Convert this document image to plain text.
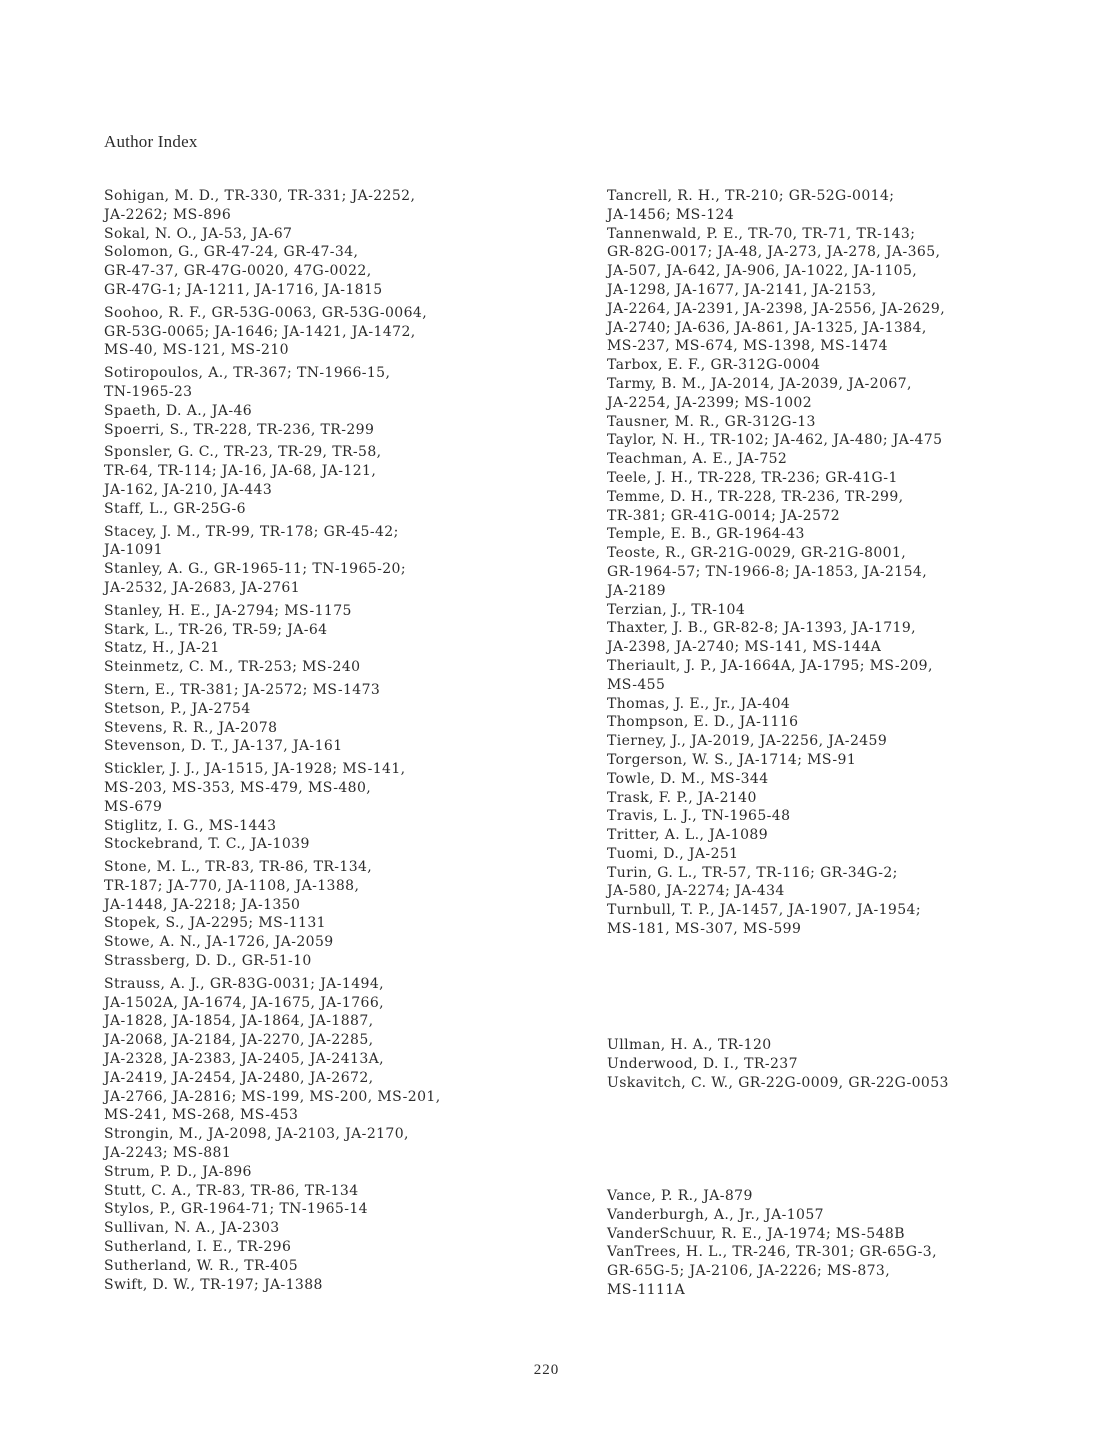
Author Index
Sohigan, M. D., TR-330, TR-331; JA-2252,
JA-2262; MS-896
Sokal, N. O., JA-53, JA-67
Solomon, G., GR-47-24, GR-47-34,
GR-47-37, GR-47G-0020, 47G-0022,
GR-47G-1; JA-1211, JA-1716, JA-1815
Soohoo, R. F., GR-53G-0063, GR-53G-0064,
GR-53G-0065; JA-1646; JA-1421, JA-1472,
MS-40, MS-121, MS-210
Sotiropoulos, A., TR-367; TN-1966-15,
TN-1965-23
Spaeth, D. A., JA-46
Spoerri, S., TR-228, TR-236, TR-299
Sponsler, G. C., TR-23, TR-29, TR-58,
TR-64, TR-114; JA-16, JA-68, JA-121,
JA-162, JA-210, JA-443
Staff, L., GR-25G-6
Stacey, J. M., TR-99, TR-178; GR-45-42;
JA-1091
Stanley, A. G., GR-1965-11; TN-1965-20;
JA-2532, JA-2683, JA-2761
Stanley, H. E., JA-2794; MS-1175
Stark, L., TR-26, TR-59; JA-64
Statz, H., JA-21
Steinmetz, C. M., TR-253; MS-240
Stern, E., TR-381; JA-2572; MS-1473
Stetson, P., JA-2754
Stevens, R. R., JA-2078
Stevenson, D. T., JA-137, JA-161
Stickler, J. J., JA-1515, JA-1928; MS-141,
MS-203, MS-353, MS-479, MS-480,
MS-679
Stiglitz, I. G., MS-1443
Stockebrand, T. C., JA-1039
Stone, M. L., TR-83, TR-86, TR-134,
TR-187; JA-770, JA-1108, JA-1388,
JA-1448, JA-2218; JA-1350
Stopek, S., JA-2295; MS-1131
Stowe, A. N., JA-1726, JA-2059
Strassberg, D. D., GR-51-10
Strauss, A. J., GR-83G-0031; JA-1494,
JA-1502A, JA-1674, JA-1675, JA-1766,
JA-1828, JA-1854, JA-1864, JA-1887,
JA-2068, JA-2184, JA-2270, JA-2285,
JA-2328, JA-2383, JA-2405, JA-2413A,
JA-2419, JA-2454, JA-2480, JA-2672,
JA-2766, JA-2816; MS-199, MS-200, MS-201,
MS-241, MS-268, MS-453
Strongin, M., JA-2098, JA-2103, JA-2170,
JA-2243; MS-881
Strum, P. D., JA-896
Stutt, C. A., TR-83, TR-86, TR-134
Stylos, P., GR-1964-71; TN-1965-14
Sullivan, N. A., JA-2303
Sutherland, I. E., TR-296
Sutherland, W. R., TR-405
Swift, D. W., TR-197; JA-1388
Tancrell, R. H., TR-210; GR-52G-0014;
JA-1456; MS-124
Tannenwald, P. E., TR-70, TR-71, TR-143;
GR-82G-0017; JA-48, JA-273, JA-278, JA-365,
JA-507, JA-642, JA-906, JA-1022, JA-1105,
JA-1298, JA-1677, JA-2141, JA-2153,
JA-2264, JA-2391, JA-2398, JA-2556, JA-2629,
JA-2740; JA-636, JA-861, JA-1325, JA-1384,
MS-237, MS-674, MS-1398, MS-1474
Tarbox, E. F., GR-312G-0004
Tarmy, B. M., JA-2014, JA-2039, JA-2067,
JA-2254, JA-2399; MS-1002
Tausner, M. R., GR-312G-13
Taylor, N. H., TR-102; JA-462, JA-480; JA-475
Teachman, A. E., JA-752
Teele, J. H., TR-228, TR-236; GR-41G-1
Temme, D. H., TR-228, TR-236, TR-299,
TR-381; GR-41G-0014; JA-2572
Temple, E. B., GR-1964-43
Teoste, R., GR-21G-0029, GR-21G-8001,
GR-1964-57; TN-1966-8; JA-1853, JA-2154,
JA-2189
Terzian, J., TR-104
Thaxter, J. B., GR-82-8; JA-1393, JA-1719,
JA-2398, JA-2740; MS-141, MS-144A
Theriault, J. P., JA-1664A, JA-1795; MS-209,
MS-455
Thomas, J. E., Jr., JA-404
Thompson, E. D., JA-1116
Tierney, J., JA-2019, JA-2256, JA-2459
Torgerson, W. S., JA-1714; MS-91
Towle, D. M., MS-344
Trask, F. P., JA-2140
Travis, L. J., TN-1965-48
Tritter, A. L., JA-1089
Tuomi, D., JA-251
Turin, G. L., TR-57, TR-116; GR-34G-2;
JA-580, JA-2274; JA-434
Turnbull, T. P., JA-1457, JA-1907, JA-1954;
MS-181, MS-307, MS-599
Ullman, H. A., TR-120
Underwood, D. I., TR-237
Uskavitch, C. W., GR-22G-0009, GR-22G-0053
Vance, P. R., JA-879
Vanderburgh, A., Jr., JA-1057
VanderSchuur, R. E., JA-1974; MS-548B
VanTrees, H. L., TR-246, TR-301; GR-65G-3,
GR-65G-5; JA-2106, JA-2226; MS-873,
MS-1111A
220
